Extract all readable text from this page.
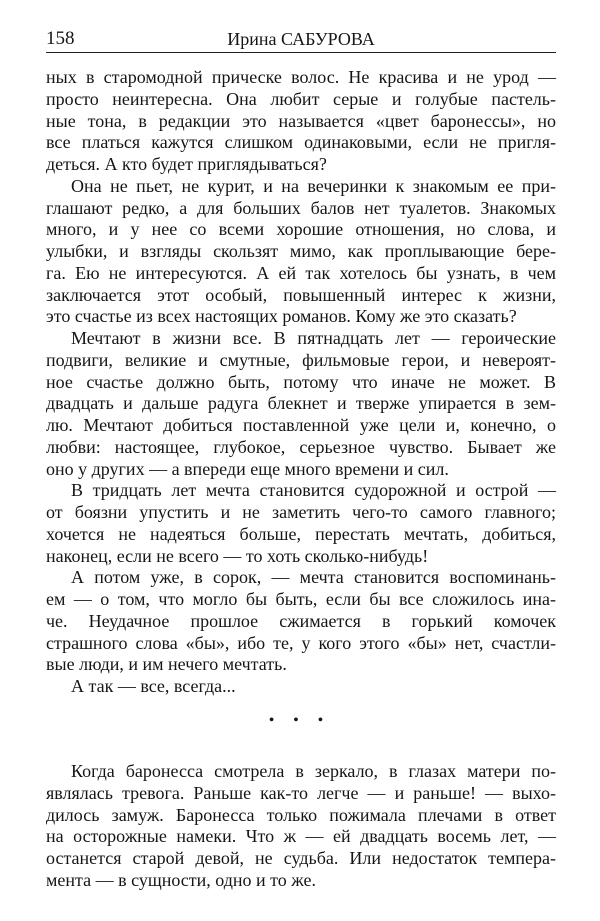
158	Ирина САБУРОВА
ных в старомодной прическе волос. Не красива и не урод —
просто неинтересна. Она любит серые и голубые пастель-
ные тона, в редакции это называется «цвет баронессы», но
все платься кажутся слишком одинаковыми, если не пригля-
деться. А кто будет приглядываться?
Она не пьет, не курит, и на вечеринки к знакомым ее при-
глашают редко, а для больших балов нет туалетов. Знакомых
много, и у нее со всеми хорошие отношения, но слова, и
улыбки, и взгляды скользят мимо, как проплывающие бере-
га. Ею не интересуются. А ей так хотелось бы узнать, в чем
заключается этот особый, повышенный интерес к жизни,
это счастье из всех настоящих романов. Кому же это сказать?
Мечтают в жизни все. В пятнадцать лет — героические
подвиги, великие и смутные, фильмовые герои, и невероят-
ное счастье должно быть, потому что иначе не может. В
двадцать и дальше радуга блекнет и тверже упирается в зем-
лю. Мечтают добиться поставленной уже цели и, конечно, о
любви: настоящее, глубокое, серьезное чувство. Бывает же
оно у других — а впереди еще много времени и сил.
В тридцать лет мечта становится судорожной и острой —
от боязни упустить и не заметить чего-то самого главного;
хочется не надеяться больше, перестать мечтать, добиться,
наконец, если не всего — то хоть сколько-нибудь!
А потом уже, в сорок, — мечта становится воспоминань-
ем — о том, что могло бы быть, если бы все сложилось ина-
че. Неудачное прошлое сжимается в горький комочек
страшного слова «бы», ибо те, у кого этого «бы» нет, счастли-
вые люди, и им нечего мечтать.
А так — все, всегда...
• • •
Когда баронесса смотрела в зеркало, в глазах матери по-
являлась тревога. Раньше как-то легче — и раньше! — выхо-
дилось замуж. Баронесса только пожимала плечами в ответ
на осторожные намеки. Что ж — ей двадцать восемь лет, —
останется старой девой, не судьба. Или недостаток темпера-
мента — в сущности, одно и то же.
